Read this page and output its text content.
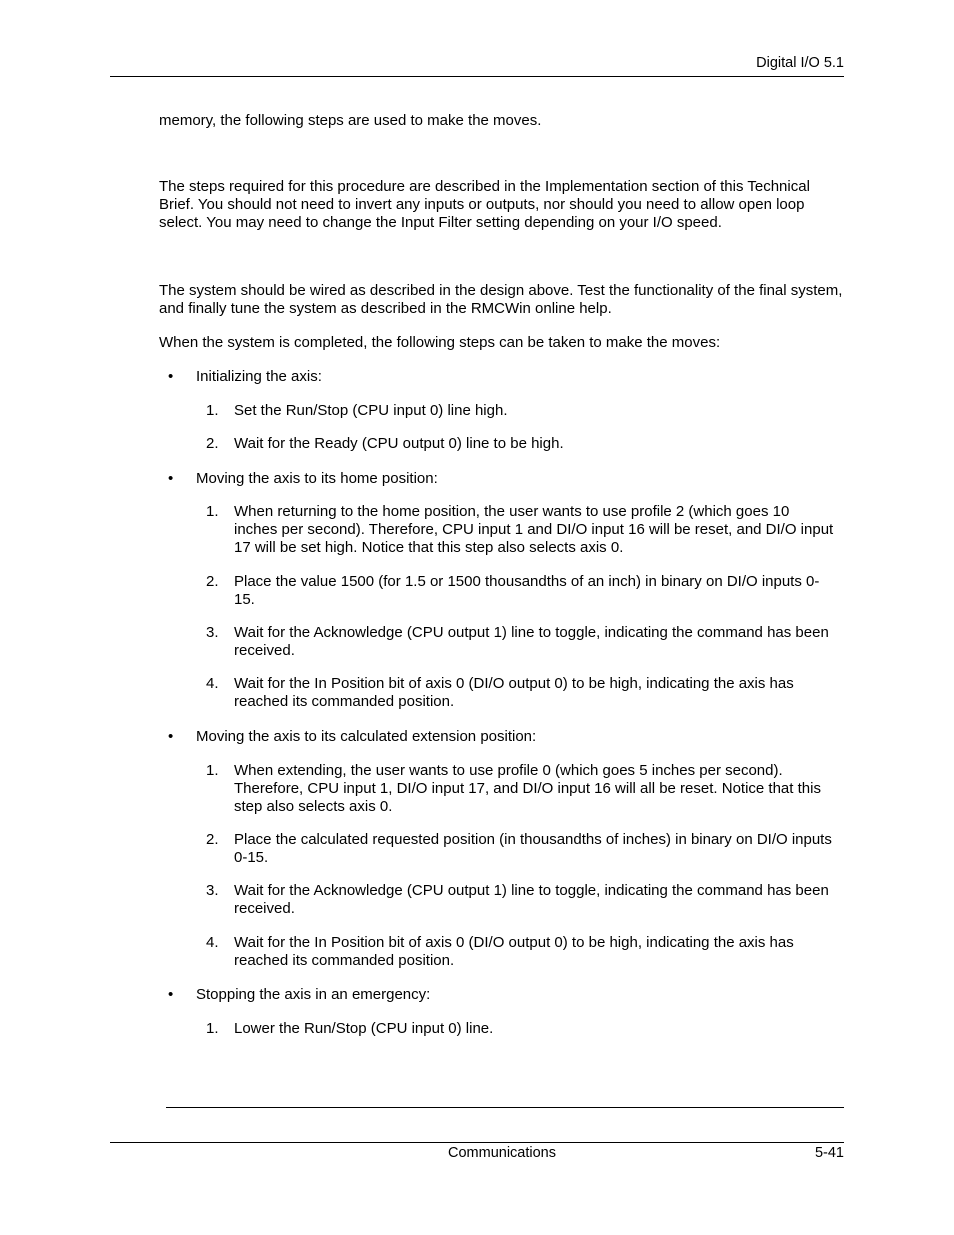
Digital I/O 5.1
memory, the following steps are used to make the moves.
The steps required for this procedure are described in the Implementation section of this Technical Brief. You should not need to invert any inputs or outputs, nor should you need to allow open loop select. You may need to change the Input Filter setting depending on your I/O speed.
The system should be wired as described in the design above. Test the functionality of the final system, and finally tune the system as described in the RMCWin online help.
When the system is completed, the following steps can be taken to make the moves:
• Initializing the axis:
1. Set the Run/Stop (CPU input 0) line high.
2. Wait for the Ready (CPU output 0) line to be high.
• Moving the axis to its home position:
1. When returning to the home position, the user wants to use profile 2 (which goes 10 inches per second). Therefore, CPU input 1 and DI/O input 16 will be reset, and DI/O input 17 will be set high. Notice that this step also selects axis 0.
2. Place the value 1500 (for 1.5 or 1500 thousandths of an inch) in binary on DI/O inputs 0-15.
3. Wait for the Acknowledge (CPU output 1) line to toggle, indicating the command has been received.
4. Wait for the In Position bit of axis 0 (DI/O output 0) to be high, indicating the axis has reached its commanded position.
• Moving the axis to its calculated extension position:
1. When extending, the user wants to use profile 0 (which goes 5 inches per second). Therefore, CPU input 1, DI/O input 17, and DI/O input 16 will all be reset. Notice that this step also selects axis 0.
2. Place the calculated requested position (in thousandths of inches) in binary on DI/O inputs 0-15.
3. Wait for the Acknowledge (CPU output 1) line to toggle, indicating the command has been received.
4. Wait for the In Position bit of axis 0 (DI/O output 0) to be high, indicating the axis has reached its commanded position.
• Stopping the axis in an emergency:
1. Lower the Run/Stop (CPU input 0) line.
Communications	5-41
